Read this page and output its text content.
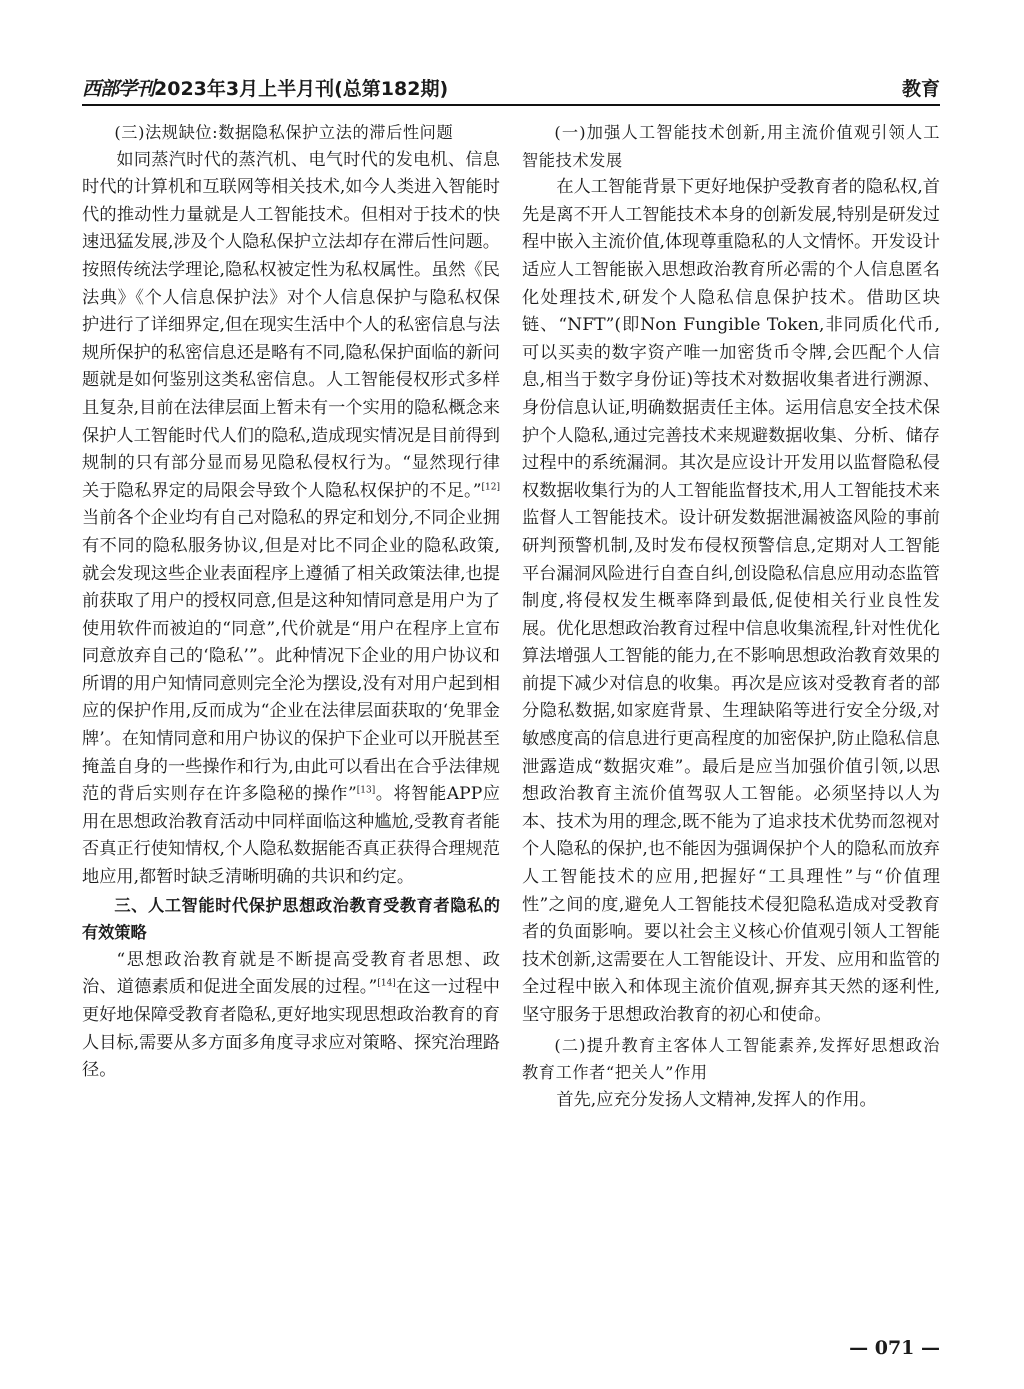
西部学刊2023年3月上半月刊(总第182期)	教育

(三)法规缺位:数据隐私保护立法的滞后性问题

如同蒸汽时代的蒸汽机、电气时代的发电机、信息时代的计算机和互联网等相关技术,如今人类进入智能时代的推动性力量就是人工智能技术。但相对于技术的快速迅猛发展,涉及个人隐私保护立法却存在滞后性问题。按照传统法学理论,隐私权被定性为私权属性。虽然《民法典》《个人信息保护法》对个人信息保护与隐私权保护进行了详细界定,但在现实生活中个人的私密信息与法规所保护的私密信息还是略有不同,隐私保护面临的新问题就是如何鉴别这类私密信息。人工智能侵权形式多样且复杂,目前在法律层面上暂未有一个实用的隐私概念来保护人工智能时代人们的隐私,造成现实情况是目前得到规制的只有部分显而易见隐私侵权行为。“显然现行律关于隐私界定的局限会导致个人隐私权保护的不足。”[12]当前各个企业均有自己对隐私的界定和划分,不同企业拥有不同的隐私服务协议,但是对比不同企业的隐私政策,就会发现这些企业表面程序上遵循了相关政策法律,也提前获取了用户的授权同意,但是这种知情同意是用户为了使用软件而被迫的“同意”,代价就是“用户在程序上宣布同意放弃自己的‘隐私’”。此种情况下企业的用户协议和所谓的用户知情同意则完全沦为摆设,没有对用户起到相应的保护作用,反而成为“企业在法律层面获取的‘免罪金牌’。在知情同意和用户协议的保护下企业可以开脱甚至掩盖自身的一些操作和行为,由此可以看出在合乎法律规范的背后实则存在许多隐秘的操作”[13]。将智能APP应用在思想政治教育活动中同样面临这种尴尬,受教育者能否真正行使知情权,个人隐私数据能否真正获得合理规范地应用,都暂时缺乏清晰明确的共识和约定。

三、人工智能时代保护思想政治教育受教育者隐私的有效策略

“思想政治教育就是不断提高受教育者思想、政治、道德素质和促进全面发展的过程。”[14]在这一过程中更好地保障受教育者隐私,更好地实现思想政治教育的育人目标,需要从多方面多角度寻求应对策略、探究治理路径。

(一)加强人工智能技术创新,用主流价值观引领人工智能技术发展

在人工智能背景下更好地保护受教育者的隐私权,首先是离不开人工智能技术本身的创新发展,特别是研发过程中嵌入主流价值,体现尊重隐私的人文情怀。开发设计适应人工智能嵌入思想政治教育所必需的个人信息匿名化处理技术,研发个人隐私信息保护技术。借助区块链、“NFT”(即Non Fungible Token,非同质化代币,可以买卖的数字资产唯一加密货币令牌,会匹配个人信息,相当于数字身份证)等技术对数据收集者进行溯源、身份信息认证,明确数据责任主体。运用信息安全技术保护个人隐私,通过完善技术来规避数据收集、分析、储存过程中的系统漏洞。其次是应设计开发用以监督隐私侵权数据收集行为的人工智能监督技术,用人工智能技术来监督人工智能技术。设计研发数据泄漏被盗风险的事前研判预警机制,及时发布侵权预警信息,定期对人工智能平台漏洞风险进行自查自纠,创设隐私信息应用动态监管制度,将侵权发生概率降到最低,促使相关行业良性发展。优化思想政治教育过程中信息收集流程,针对性优化算法增强人工智能的能力,在不影响思想政治教育效果的前提下减少对信息的收集。再次是应该对受教育者的部分隐私数据,如家庭背景、生理缺陷等进行安全分级,对敏感度高的信息进行更高程度的加密保护,防止隐私信息泄露造成“数据灾难”。最后是应当加强价值引领,以思想政治教育主流价值驾驭人工智能。必须坚持以人为本、技术为用的理念,既不能为了追求技术优势而忽视对个人隐私的保护,也不能因为强调保护个人的隐私而放弃人工智能技术的应用,把握好“工具理性”与“价值理性”之间的度,避免人工智能技术侵犯隐私造成对受教育者的负面影响。要以社会主义核心价值观引领人工智能技术创新,这需要在人工智能设计、开发、应用和监管的全过程中嵌入和体现主流价值观,摒弃其天然的逐利性,坚守服务于思想政治教育的初心和使命。

(二)提升教育主客体人工智能素养,发挥好思想政治教育工作者“把关人”作用

首先,应充分发扬人文精神,发挥人的作用。

— 071 —
